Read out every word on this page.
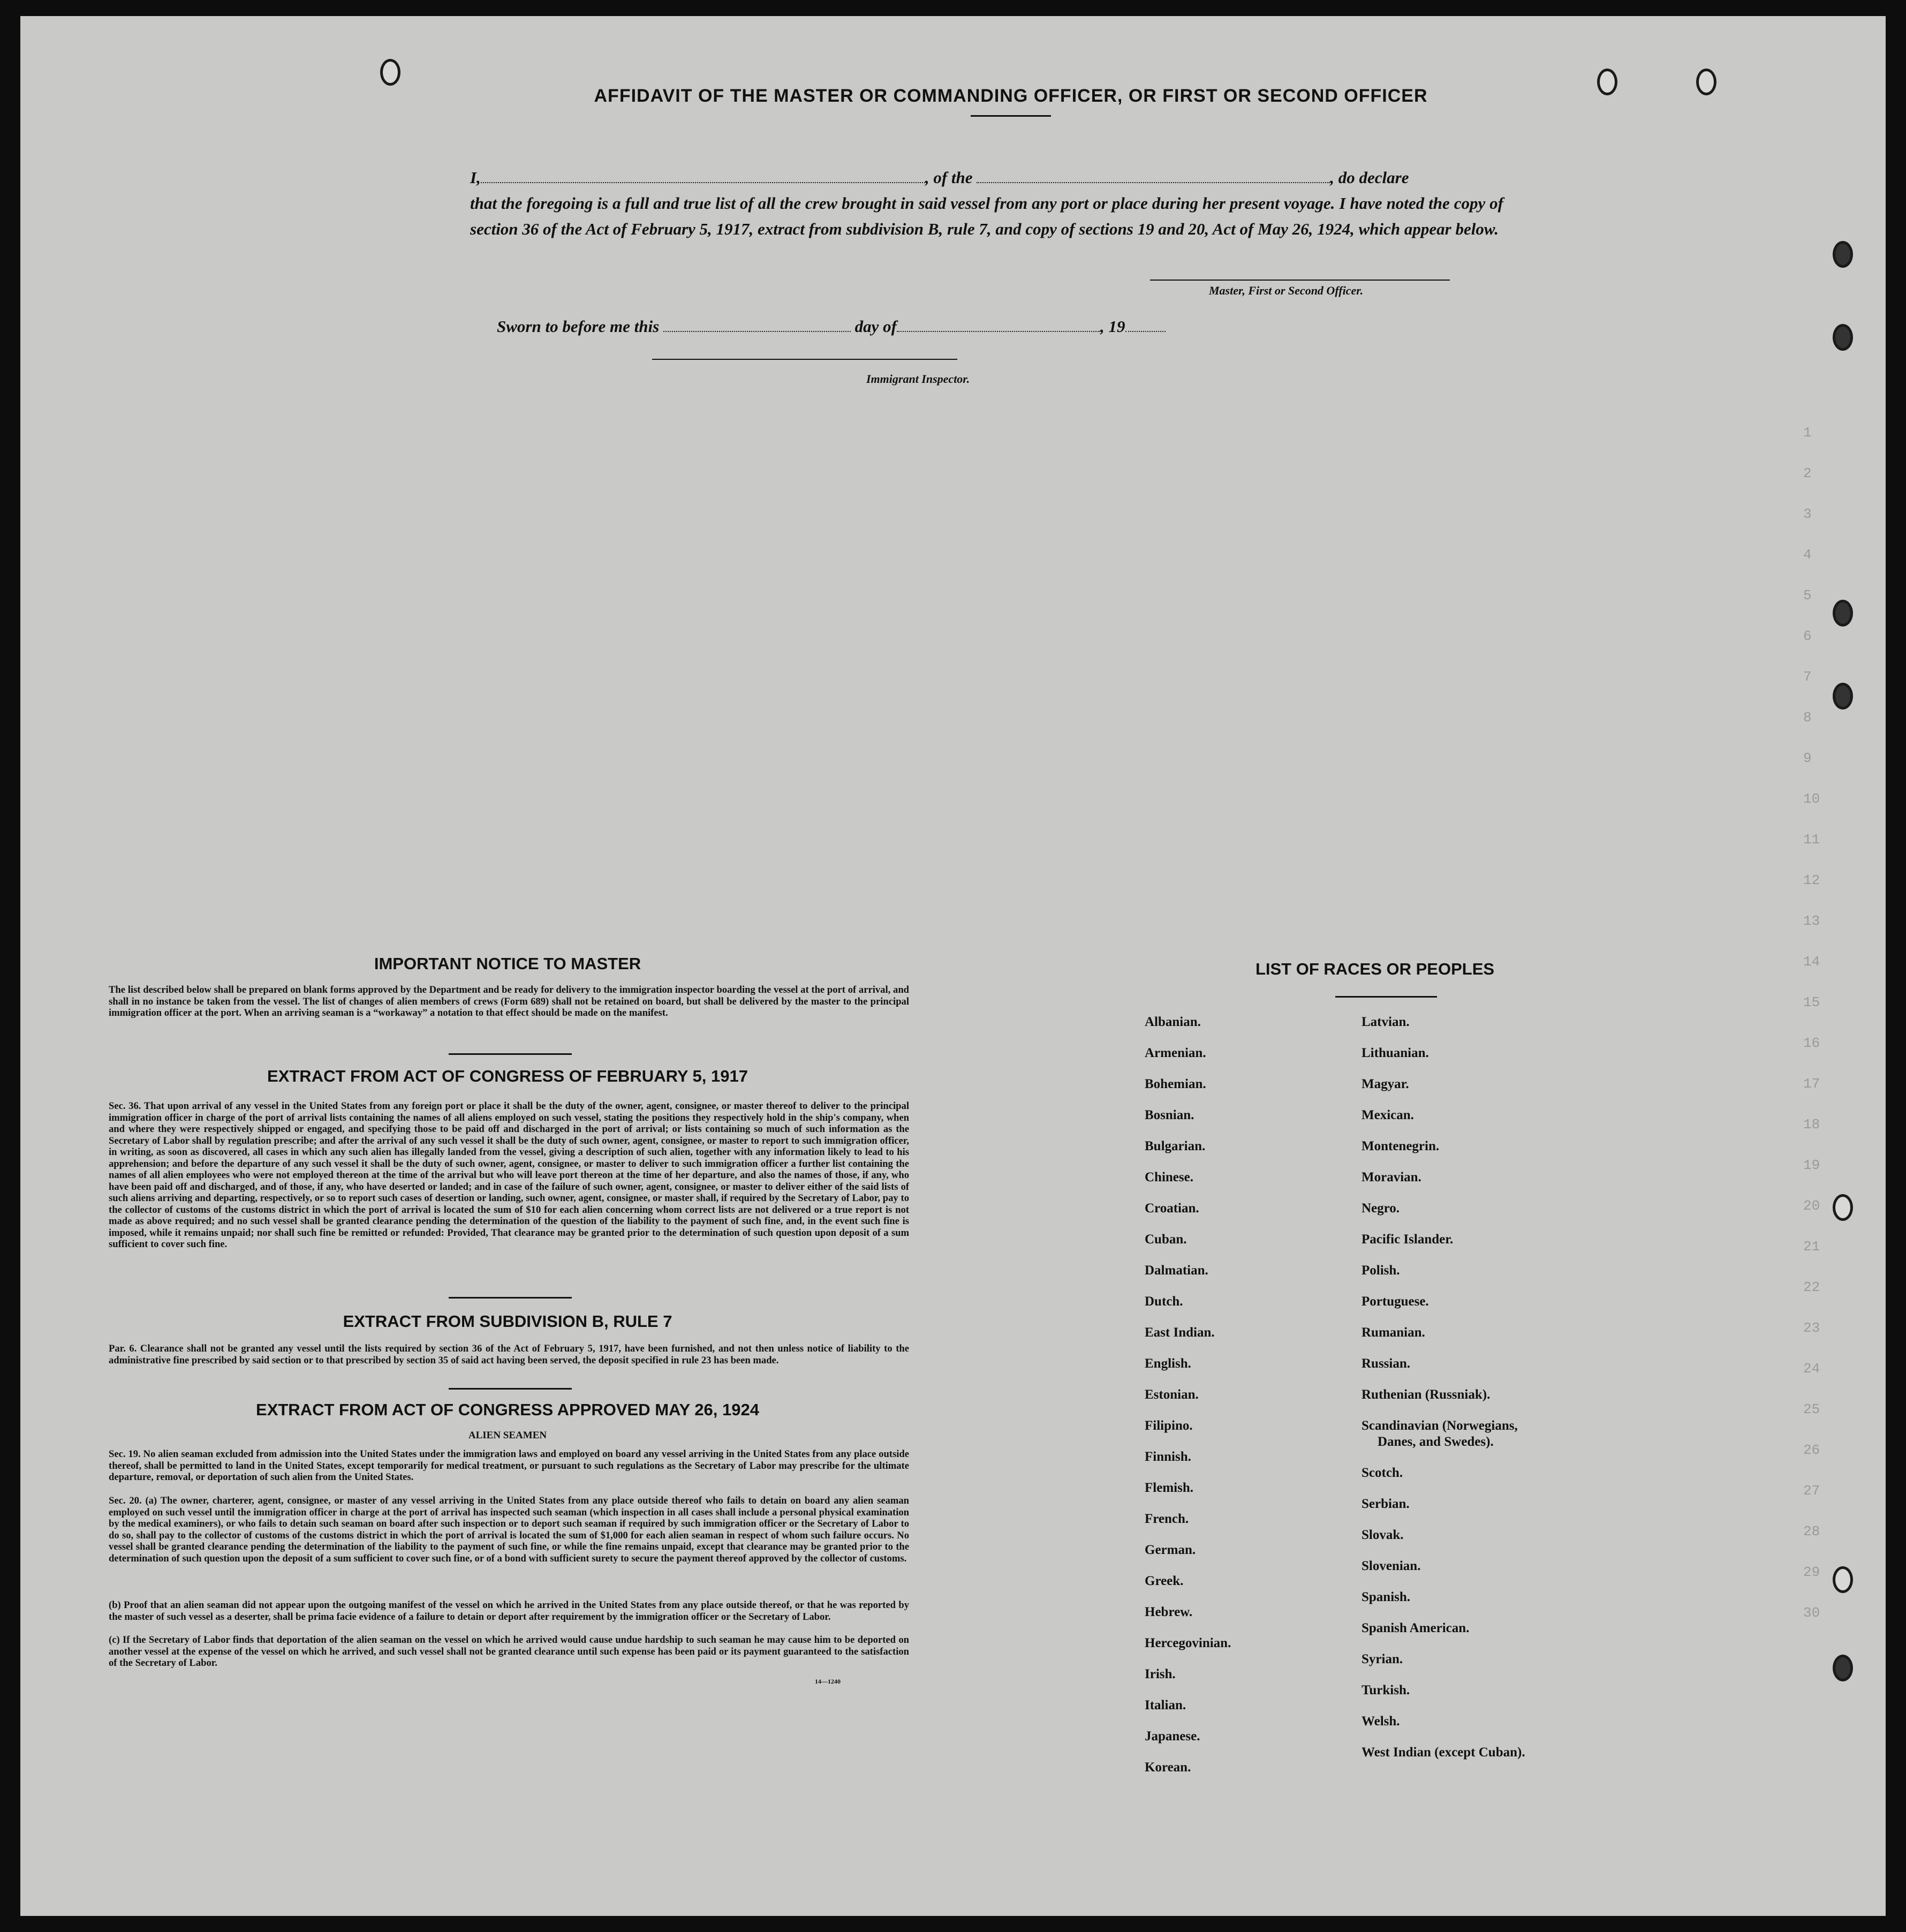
1
2
3
4
5
6
7
8
9
10
11
12
13
14
15
16
17
18
19
20
21
22
23
24
25
26
27
28
29
30
AFFIDAVIT OF THE MASTER OR COMMANDING OFFICER, OR FIRST OR SECOND OFFICER
I,	, of the	, do declare
that the foregoing is a full and true list of all the crew brought in said vessel from any port or place during her present voyage. I have noted the copy of section 36 of the Act of February 5, 1917, extract from subdivision B, rule 7, and copy of sections 19 and 20, Act of May 26, 1924, which appear below.
Master, First or Second Officer.
Sworn to before me this	day of	, 19
Immigrant Inspector.
IMPORTANT NOTICE TO MASTER
The list described below shall be prepared on blank forms approved by the Department and be ready for delivery to the immigration inspector boarding the vessel at the port of arrival, and shall in no instance be taken from the vessel. The list of changes of alien members of crews (Form 689) shall not be retained on board, but shall be delivered by the master to the principal immigration officer at the port. When an arriving seaman is a “workaway” a notation to that effect should be made on the manifest.
EXTRACT FROM ACT OF CONGRESS OF FEBRUARY 5, 1917
Sec. 36. That upon arrival of any vessel in the United States from any foreign port or place it shall be the duty of the owner, agent, consignee, or master thereof to deliver to the principal immigration officer in charge of the port of arrival lists containing the names of all aliens employed on such vessel, stating the positions they respectively hold in the ship's company, when and where they were respectively shipped or engaged, and specifying those to be paid off and discharged in the port of arrival; or lists containing so much of such information as the Secretary of Labor shall by regulation prescribe; and after the arrival of any such vessel it shall be the duty of such owner, agent, consignee, or master to report to such immigration officer, in writing, as soon as discovered, all cases in which any such alien has illegally landed from the vessel, giving a description of such alien, together with any information likely to lead to his apprehension; and before the departure of any such vessel it shall be the duty of such owner, agent, consignee, or master to deliver to such immigration officer a further list containing the names of all alien employees who were not employed thereon at the time of the arrival but who will leave port thereon at the time of her departure, and also the names of those, if any, who have been paid off and discharged, and of those, if any, who have deserted or landed; and in case of the failure of such owner, agent, consignee, or master to deliver either of the said lists of such aliens arriving and departing, respectively, or so to report such cases of desertion or landing, such owner, agent, consignee, or master shall, if required by the Secretary of Labor, pay to the collector of customs of the customs district in which the port of arrival is located the sum of $10 for each alien concerning whom correct lists are not delivered or a true report is not made as above required; and no such vessel shall be granted clearance pending the determination of the question of the liability to the payment of such fine, and, in the event such fine is imposed, while it remains unpaid; nor shall such fine be remitted or refunded: Provided, That clearance may be granted prior to the determination of such question upon deposit of a sum sufficient to cover such fine.
EXTRACT FROM SUBDIVISION B, RULE 7
Par. 6. Clearance shall not be granted any vessel until the lists required by section 36 of the Act of February 5, 1917, have been furnished, and not then unless notice of liability to the administrative fine prescribed by said section or to that prescribed by section 35 of said act having been served, the deposit specified in rule 23 has been made.
EXTRACT FROM ACT OF CONGRESS APPROVED MAY 26, 1924
ALIEN SEAMEN
Sec. 19. No alien seaman excluded from admission into the United States under the immigration laws and employed on board any vessel arriving in the United States from any place outside thereof, shall be permitted to land in the United States, except temporarily for medical treatment, or pursuant to such regulations as the Secretary of Labor may prescribe for the ultimate departure, removal, or deportation of such alien from the United States.
Sec. 20. (a) The owner, charterer, agent, consignee, or master of any vessel arriving in the United States from any place outside thereof who fails to detain on board any alien seaman employed on such vessel until the immigration officer in charge at the port of arrival has inspected such seaman (which inspection in all cases shall include a personal physical examination by the medical examiners), or who fails to detain such seaman on board after such inspection or to deport such seaman if required by such immigration officer or the Secretary of Labor to do so, shall pay to the collector of customs of the customs district in which the port of arrival is located the sum of $1,000 for each alien seaman in respect of whom such failure occurs. No vessel shall be granted clearance pending the determination of the liability to the payment of such fine, or while the fine remains unpaid, except that clearance may be granted prior to the determination of such question upon the deposit of a sum sufficient to cover such fine, or of a bond with sufficient surety to secure the payment thereof approved by the collector of customs.
(b) Proof that an alien seaman did not appear upon the outgoing manifest of the vessel on which he arrived in the United States from any place outside thereof, or that he was reported by the master of such vessel as a deserter, shall be prima facie evidence of a failure to detain or deport after requirement by the immigration officer or the Secretary of Labor.
(c) If the Secretary of Labor finds that deportation of the alien seaman on the vessel on which he arrived would cause undue hardship to such seaman he may cause him to be deported on another vessel at the expense of the vessel on which he arrived, and such vessel shall not be granted clearance until such expense has been paid or its payment guaranteed to the satisfaction of the Secretary of Labor.
14—1240
LIST OF RACES OR PEOPLES
Albanian.
Armenian.
Bohemian.
Bosnian.
Bulgarian.
Chinese.
Croatian.
Cuban.
Dalmatian.
Dutch.
East Indian.
English.
Estonian.
Filipino.
Finnish.
Flemish.
French.
German.
Greek.
Hebrew.
Hercegovinian.
Irish.
Italian.
Japanese.
Korean.
Latvian.
Lithuanian.
Magyar.
Mexican.
Montenegrin.
Moravian.
Negro.
Pacific Islander.
Polish.
Portuguese.
Rumanian.
Russian.
Ruthenian (Russniak).
Scandinavian (Norwegians,
Danes, and Swedes).
Scotch.
Serbian.
Slovak.
Slovenian.
Spanish.
Spanish American.
Syrian.
Turkish.
Welsh.
West Indian (except Cuban).
